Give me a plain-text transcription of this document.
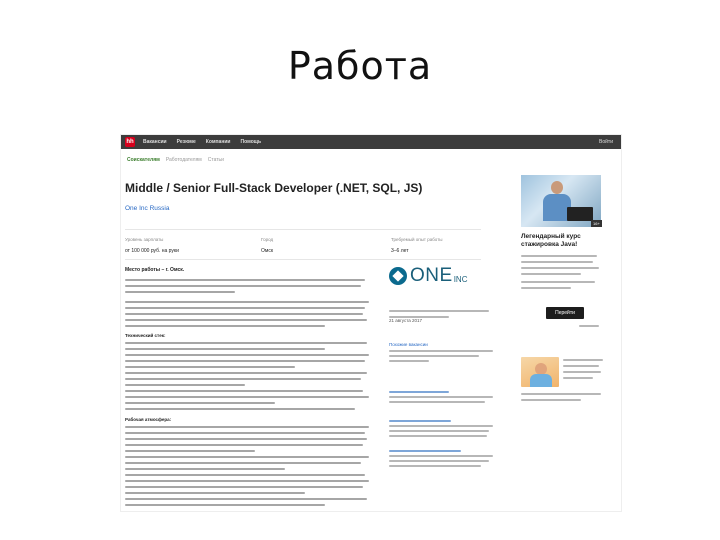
Работа
hh Вакансии Резюме Компании Помощь	Войти
Соискателям Работодателям Статьи
Middle / Senior Full-Stack Developer (.NET, SQL, JS)
One Inc Russia
Уровень зарплаты
от 100 000 руб. на руки
Город
Омск
Требуемый опыт работы
3–6 лет
Место работы – г. Омск.
Технический стек:
Рабочая атмосфера:
ONE INC
21 августа 2017
Похожие вакансии
16+
Легендарный курс
стажировка Java!
Перейти
